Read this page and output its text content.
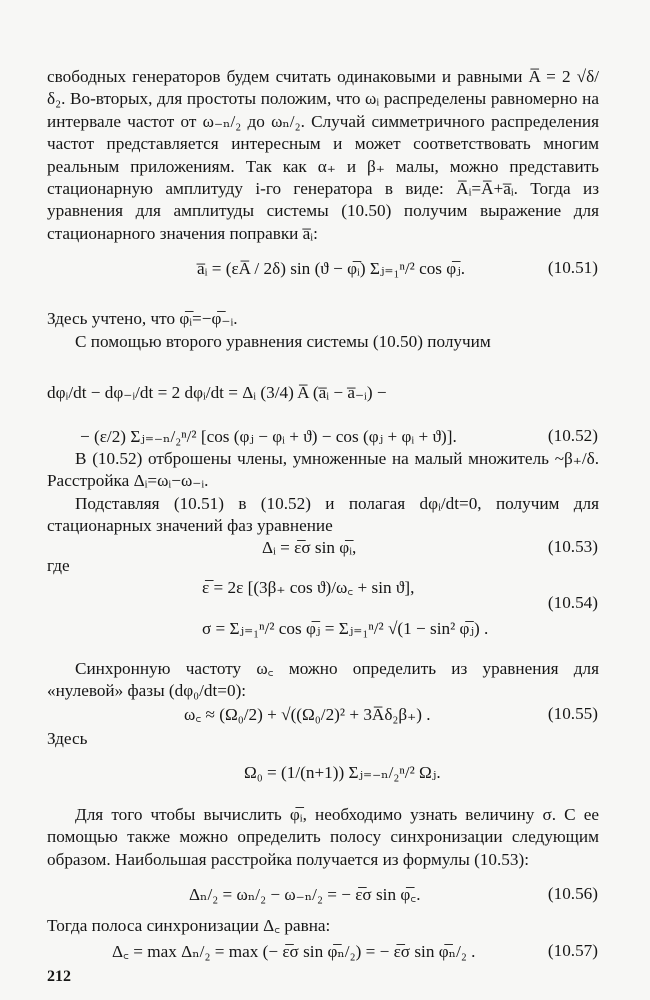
свободных генераторов будем считать одинаковыми и равными A̅ = 2 √δ/δ₂. Во-вторых, для простоты положим, что ωᵢ распределены равномерно на интервале частот от ω₋ₙ/₂ до ωₙ/₂. Случай симметричного распределения частот представляется интересным и может соответствовать многим реальным приложениям. Так как α₊ и β₊ малы, можно представить стационарную амплитуду i-го генератора в виде: A̅ᵢ=A̅+a̅ᵢ. Тогда из уравнения для амплитуды системы (10.50) получим выражение для стационарного значения поправки a̅ᵢ:

a̅ᵢ = (εA̅ / 2δ) sin (ϑ − φ̅ᵢ) Σⱼ₌₁ⁿ/² cos φ̅ⱼ.	(10.51)

Здесь учтено, что φ̅ᵢ=−φ̅₋ᵢ.

С помощью второго уравнения системы (10.50) получим

dφᵢ/dt − dφ₋ᵢ/dt = 2 dφᵢ/dt = Δᵢ (3/4) A̅ (a̅ᵢ − a̅₋ᵢ) −
− (ε/2) Σⱼ₌₋ₙ/₂ⁿ/² [cos (φⱼ − φᵢ + ϑ) − cos (φⱼ + φᵢ + ϑ)].	(10.52)

В (10.52) отброшены члены, умноженные на малый множитель ~β₊/δ. Расстройка Δᵢ=ωᵢ−ω₋ᵢ.

Подставляя (10.51) в (10.52) и полагая dφᵢ/dt=0, получим для стационарных значений фаз уравнение

Δᵢ = ε̅σ sin φ̅ᵢ,	(10.53)

где

ε̅ = 2ε [(3β₊ cos ϑ)/ω꜀ + sin ϑ],
σ = Σⱼ₌₁ⁿ/² cos φ̅ⱼ = Σⱼ₌₁ⁿ/² √(1 − sin² φ̅ⱼ) .
(10.54)

Синхронную частоту ω꜀ можно определить из уравнения для «нулевой» фазы (dφ₀/dt=0):

ω꜀ ≈ (Ω₀/2) + √((Ω₀/2)² + 3A̅δ₂β₊) .	(10.55)

Здесь

Ω₀ = (1/(n+1)) Σⱼ₌₋ₙ/₂ⁿ/² Ωⱼ.

Для того чтобы вычислить φ̅ᵢ, необходимо узнать величину σ. С ее помощью также можно определить полосу синхронизации следующим образом. Наибольшая расстройка получается из формулы (10.53):

Δₙ/₂ = ωₙ/₂ − ω₋ₙ/₂ = − ε̅σ sin φ̅꜀.	(10.56)

Тогда полоса синхронизации Δ꜀ равна:

Δ꜀ = max Δₙ/₂ = max (− ε̅σ sin φ̅ₙ/₂) = − ε̅σ sin φ̅ₙ/₂ .	(10.57)
212
